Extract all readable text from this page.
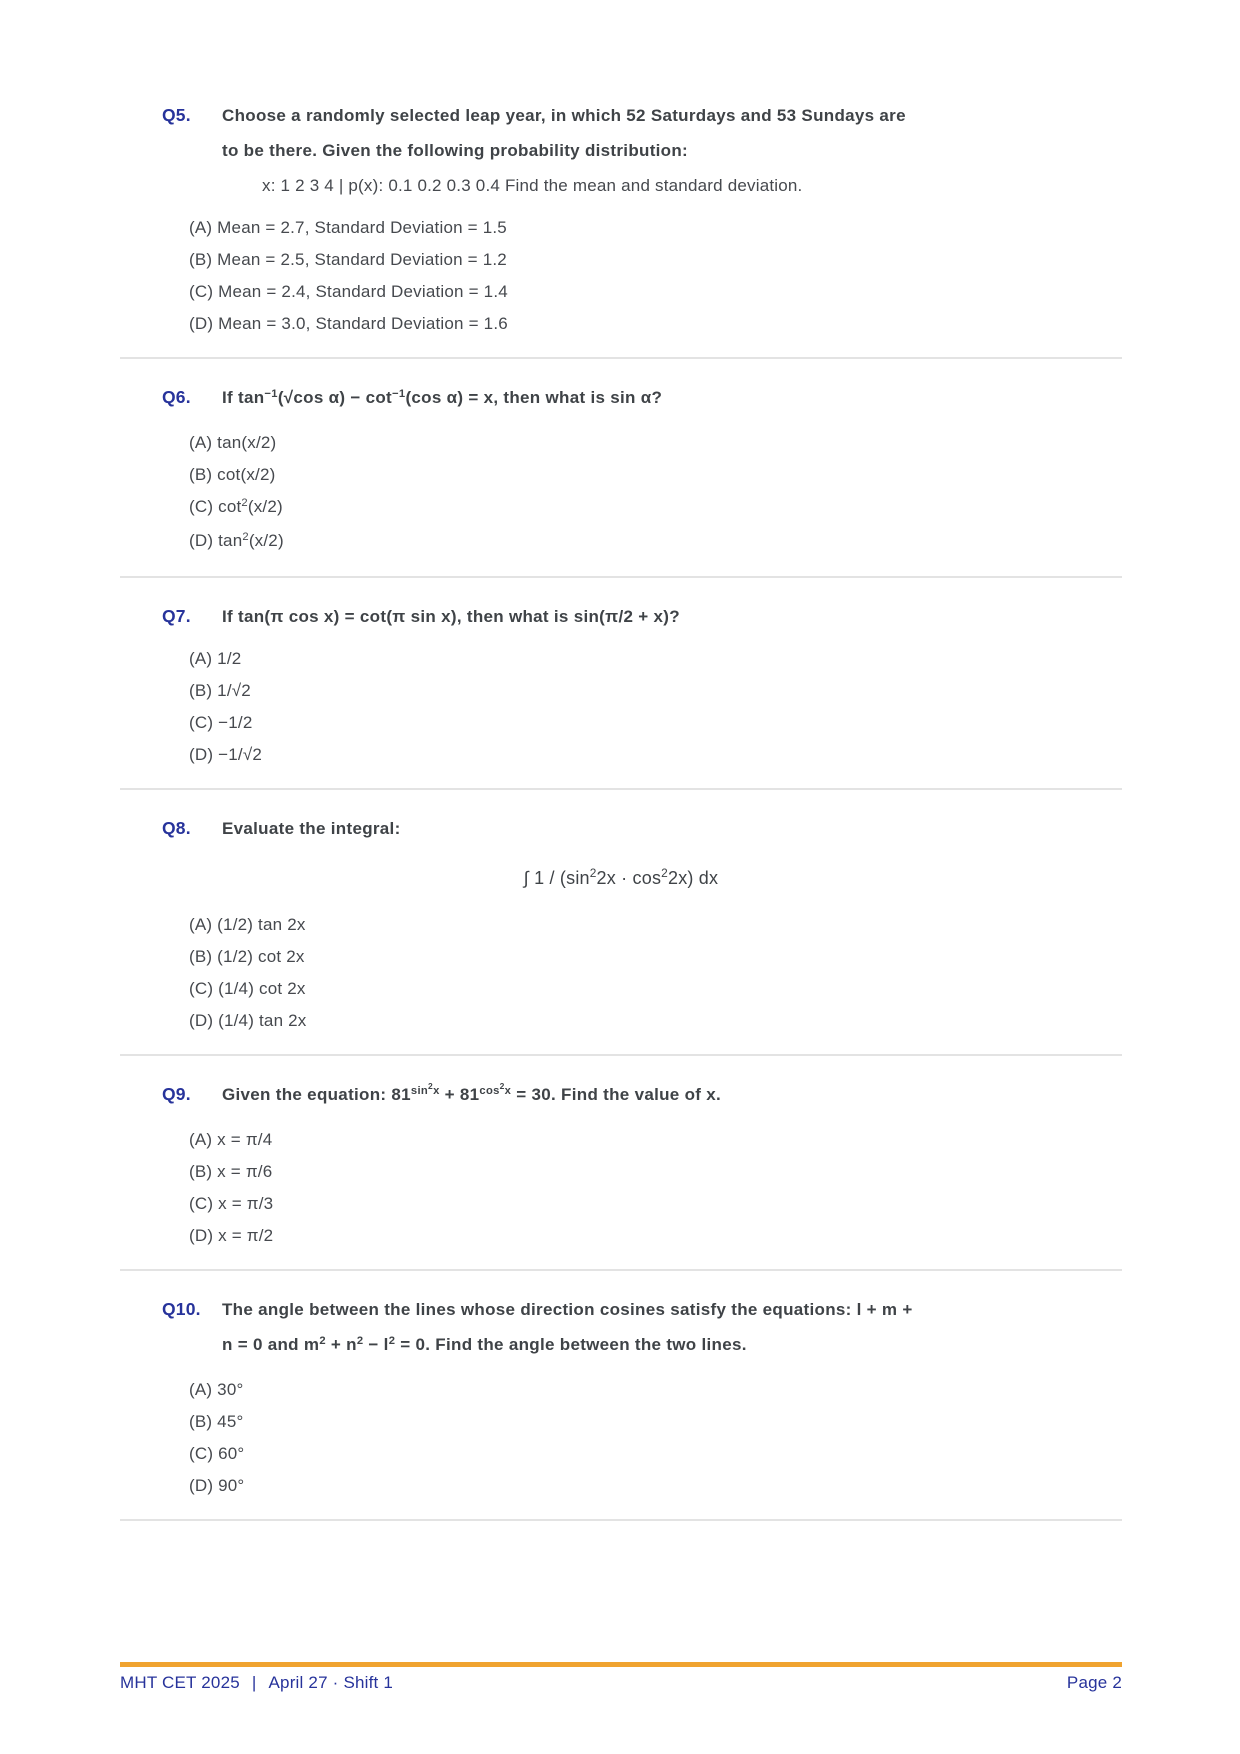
Q5.	Choose a randomly selected leap year, in which 52 Saturdays and 53 Sundays are
to be there. Given the following probability distribution:
x: 1 2 3 4 | p(x): 0.1 0.2 0.3 0.4 Find the mean and standard deviation.
(A) Mean = 2.7, Standard Deviation = 1.5
(B) Mean = 2.5, Standard Deviation = 1.2
(C) Mean = 2.4, Standard Deviation = 1.4
(D) Mean = 3.0, Standard Deviation = 1.6
Q6.	If $\tan^{-1}(√\cos$ $\alpha) - \cot^{-1}(\cos$ α) = x, then what is sin α?
(A) tan(x/2)
(B) cot(x/2)
(C) $\cot^2(x/2)$
(D) $\tan^2(x/2)$
Q7.	If tan(π cos x) = cot(π sin x), then what is sin(π/2 + x)?
(A) 1/2
(B) 1/√2
(C) −1/2
(D) −1/√2
Q8.	Evaluate the integral:
∫ $1 / (\sin^22x \cdot \cos^22x)$ dx
(A) (1/2) tan 2x
(B) (1/2) cot 2x
(C) (1/4) cot 2x
(D) (1/4) tan 2x
Q9.	Given the equation: $81^{sin2x} + 81^{cos2x} = 30$. Find the value of x.
(A) x = π/4
(B) x = π/6
(C) x = π/3
(D) x = π/2
Q10.	The angle between the lines whose direction cosines satisfy the equations: l + m +
n = 0 and $m^2 + n^2 - l^2 = 0$. Find the angle between the two lines.
(A) 30°
(B) 45°
(C) 60°
(D) 90°
MHT CET 2025 | April 27 · Shift 1	Page 2
